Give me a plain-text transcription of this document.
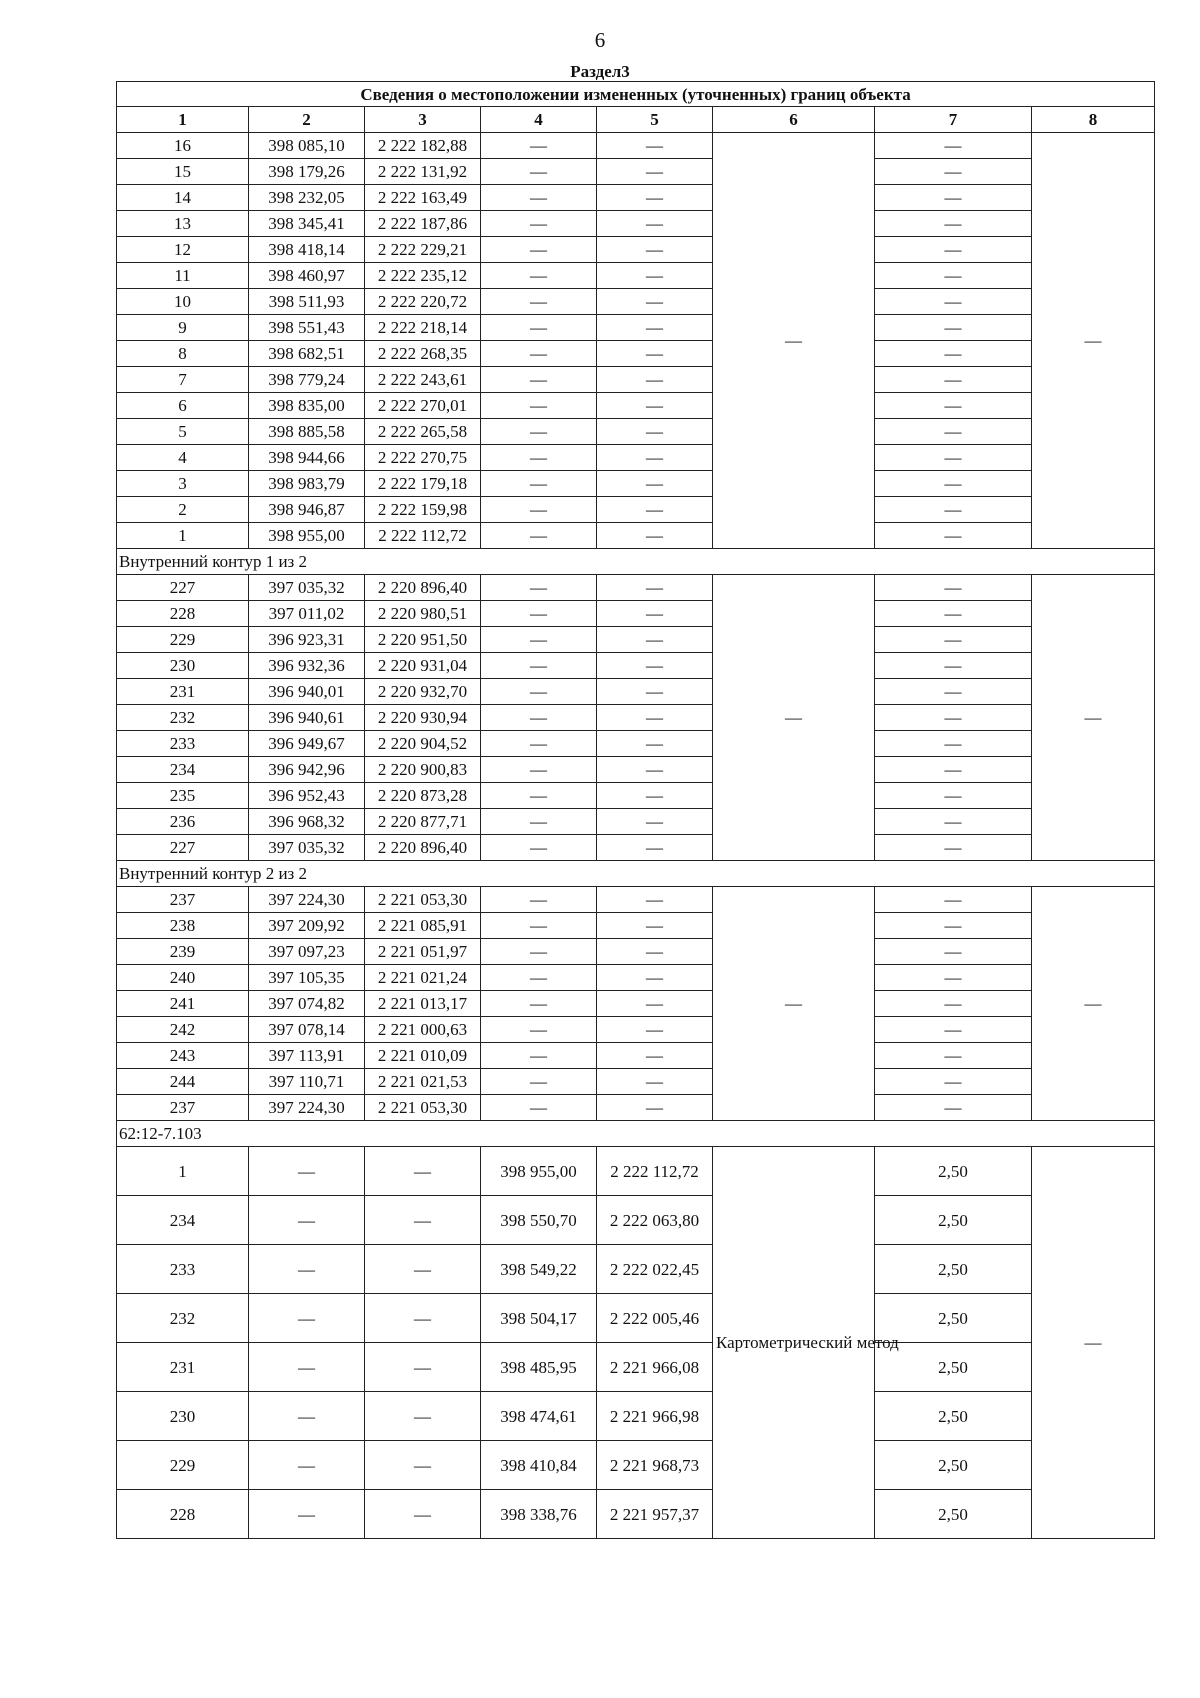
6
Раздел3
Сведения о местоположении измененных (уточненных) границ объекта							
1	2	3	4	5	6	7	8
16	398 085,10	2 222 182,88	—	—	—	—	—
15	398 179,26	2 222 131,92	—	—		—	
14	398 232,05	2 222 163,49	—	—		—	
13	398 345,41	2 222 187,86	—	—		—	
12	398 418,14	2 222 229,21	—	—		—	
11	398 460,97	2 222 235,12	—	—		—	
10	398 511,93	2 222 220,72	—	—		—	
9	398 551,43	2 222 218,14	—	—		—	
8	398 682,51	2 222 268,35	—	—		—	
7	398 779,24	2 222 243,61	—	—		—	
6	398 835,00	2 222 270,01	—	—		—	
5	398 885,58	2 222 265,58	—	—		—	
4	398 944,66	2 222 270,75	—	—		—	
3	398 983,79	2 222 179,18	—	—		—	
2	398 946,87	2 222 159,98	—	—		—	
1	398 955,00	2 222 112,72	—	—		—	
Внутренний контур 1 из 2							
227	397 035,32	2 220 896,40	—	—	—	—	—
228	397 011,02	2 220 980,51	—	—		—	
229	396 923,31	2 220 951,50	—	—		—	
230	396 932,36	2 220 931,04	—	—		—	
231	396 940,01	2 220 932,70	—	—		—	
232	396 940,61	2 220 930,94	—	—		—	
233	396 949,67	2 220 904,52	—	—		—	
234	396 942,96	2 220 900,83	—	—		—	
235	396 952,43	2 220 873,28	—	—		—	
236	396 968,32	2 220 877,71	—	—		—	
227	397 035,32	2 220 896,40	—	—		—	
Внутренний контур 2 из 2							
237	397 224,30	2 221 053,30	—	—	—	—	—
238	397 209,92	2 221 085,91	—	—		—	
239	397 097,23	2 221 051,97	—	—		—	
240	397 105,35	2 221 021,24	—	—		—	
241	397 074,82	2 221 013,17	—	—		—	
242	397 078,14	2 221 000,63	—	—		—	
243	397 113,91	2 221 010,09	—	—		—	
244	397 110,71	2 221 021,53	—	—		—	
237	397 224,30	2 221 053,30	—	—		—	
62:12-7.103							
1	—	—	398 955,00	2 222 112,72	Картометрический метод	2,50	—
234	—	—	398 550,70	2 222 063,80		2,50	
233	—	—	398 549,22	2 222 022,45		2,50	
232	—	—	398 504,17	2 222 005,46		2,50	
231	—	—	398 485,95	2 221 966,08		2,50	
230	—	—	398 474,61	2 221 966,98		2,50	
229	—	—	398 410,84	2 221 968,73		2,50	
228	—	—	398 338,76	2 221 957,37		2,50	
